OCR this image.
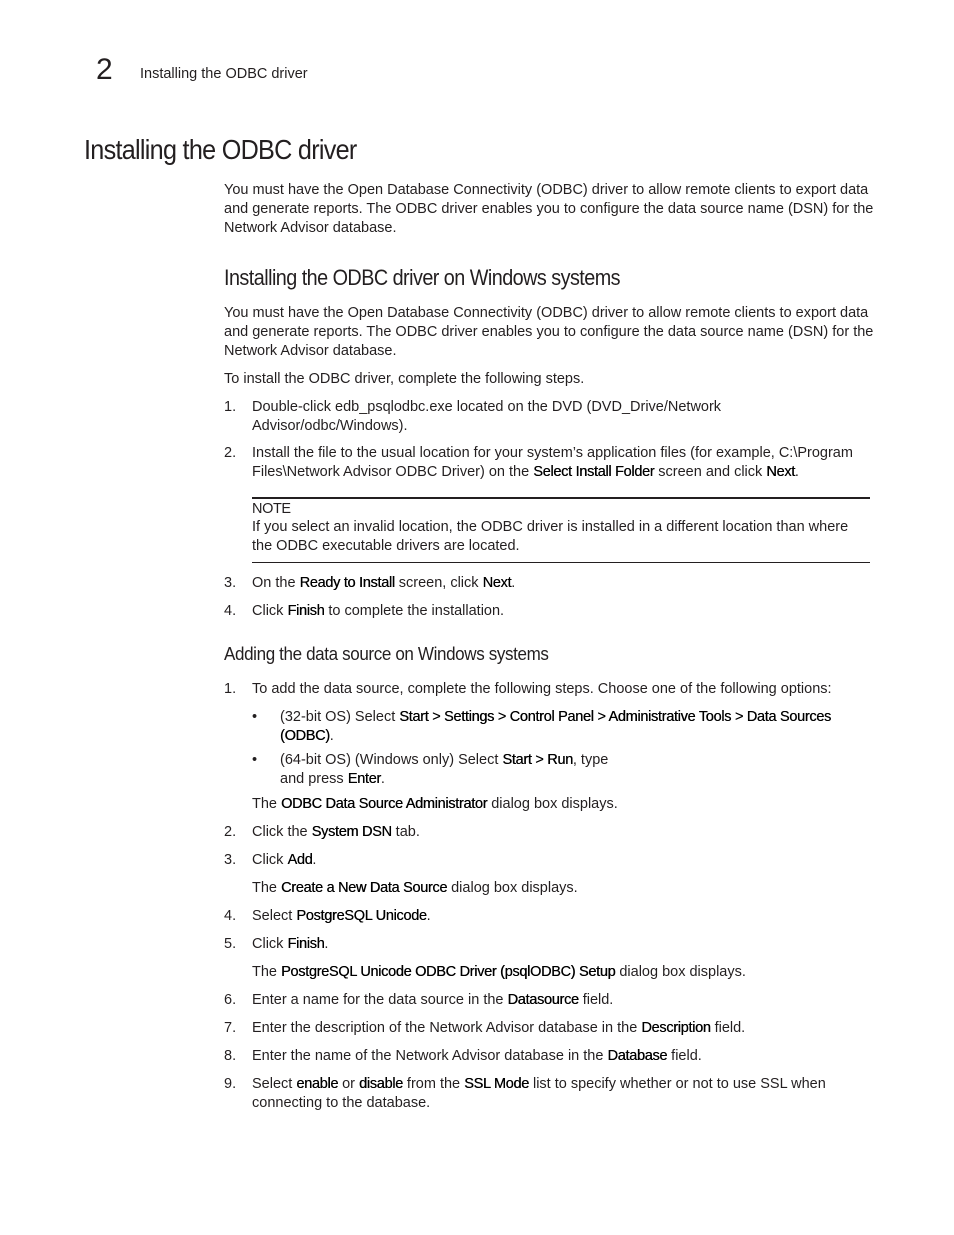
2 Installing the ODBC driver
Installing the ODBC driver

You must have the Open Database Connectivity (ODBC) driver to allow remote clients to export data and generate reports. The ODBC driver enables you to configure the data source name (DSN) for the Network Advisor database.

Installing the ODBC driver on Windows systems

You must have the Open Database Connectivity (ODBC) driver to allow remote clients to export data and generate reports. The ODBC driver enables you to configure the data source name (DSN) for the Network Advisor database.

To install the ODBC driver, complete the following steps.

1.	Double-click edb_psqlodbc.exe located on the DVD (DVD_Drive/Network Advisor/odbc/Windows).
2.	Install the file to the usual location for your system’s application files (for example, C:\Program Files\Network Advisor ODBC Driver) on the Select Install Folder screen and click Next.
NOTE
If you select an invalid location, the ODBC driver is installed in a different location than where the ODBC executable drivers are located.
3.	On the Ready to Install screen, click Next.
4.	Click Finish to complete the installation.
Adding the data source on Windows systems
1.	To add the data source, complete the following steps. Choose one of the following options:
• (32-bit OS) Select Start > Settings > Control Panel > Administrative Tools > Data Sources (ODBC).
• (64-bit OS) (Windows only) Select Start > Run, type
and press Enter.

The ODBC Data Source Administrator dialog box displays.

2.	Click the System DSN tab.
3.	Click Add.

The Create a New Data Source dialog box displays.

4.	Select PostgreSQL Unicode.
5.	Click Finish.

The PostgreSQL Unicode ODBC Driver (psqlODBC) Setup dialog box displays.

6.	Enter a name for the data source in the Datasource field.
7.	Enter the description of the Network Advisor database in the Description field.
8.	Enter the name of the Network Advisor database in the Database field.
9.	Select enable or disable from the SSL Mode list to specify whether or not to use SSL when connecting to the database.
